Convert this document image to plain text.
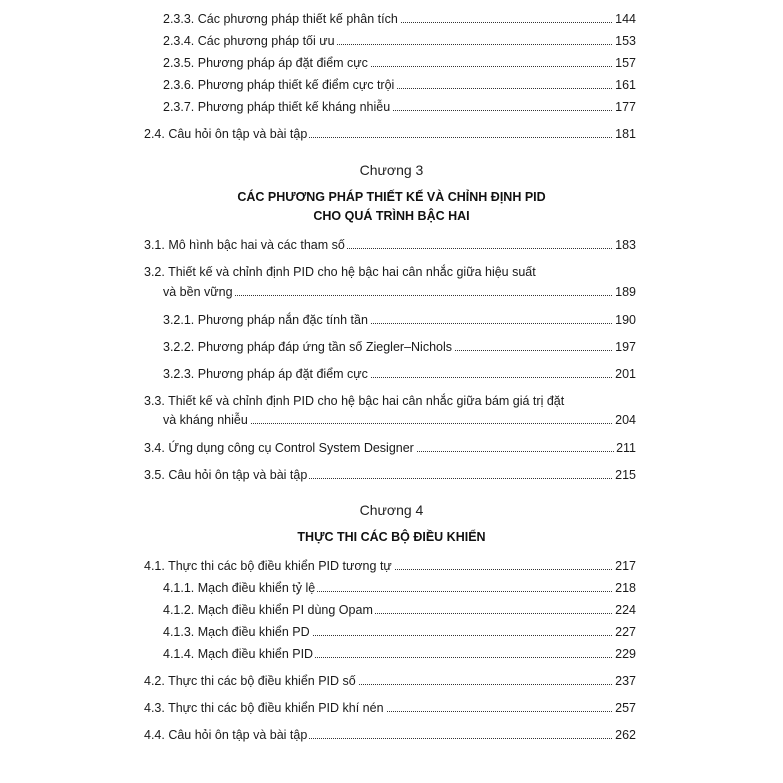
2.3.3. Các phương pháp thiết kế phân tích	144
2.3.4. Các phương pháp tối ưu	153
2.3.5. Phương pháp áp đặt điểm cực	157
2.3.6. Phương pháp thiết kế điểm cực trội	161
2.3.7. Phương pháp thiết kế kháng nhiễu	177
2.4. Câu hỏi ôn tập và bài tập	181
Chương 3
CÁC PHƯƠNG PHÁP THIẾT KẾ VÀ CHỈNH ĐỊNH PID
CHO QUÁ TRÌNH BẬC HAI
3.1. Mô hình bậc hai và các tham số	183
3.2. Thiết kế và chỉnh định PID cho hệ bậc hai cân nhắc giữa hiệu suất
và bền vững	189
3.2.1. Phương pháp nắn đặc tính tần	190
3.2.2. Phương pháp đáp ứng tần số Ziegler–Nichols	197
3.2.3. Phương pháp áp đặt điểm cực	201
3.3. Thiết kế và chỉnh định PID cho hệ bậc hai cân nhắc giữa bám giá trị đặt
và kháng nhiễu	204
3.4. Ứng dụng công cụ Control System Designer	211
3.5. Câu hỏi ôn tập và bài tập	215
Chương 4
THỰC THI CÁC BỘ ĐIỀU KHIỂN
4.1. Thực thi các bộ điều khiển PID tương tự	217
4.1.1. Mạch điều khiển tỷ lệ	218
4.1.2. Mạch điều khiển PI dùng Opam	224
4.1.3. Mạch điều khiển PD	227
4.1.4. Mạch điều khiển PID	229
4.2. Thực thi các bộ điều khiển PID số	237
4.3. Thực thi các bộ điều khiển PID khí nén	257
4.4. Câu hỏi ôn tập và bài tập	262
